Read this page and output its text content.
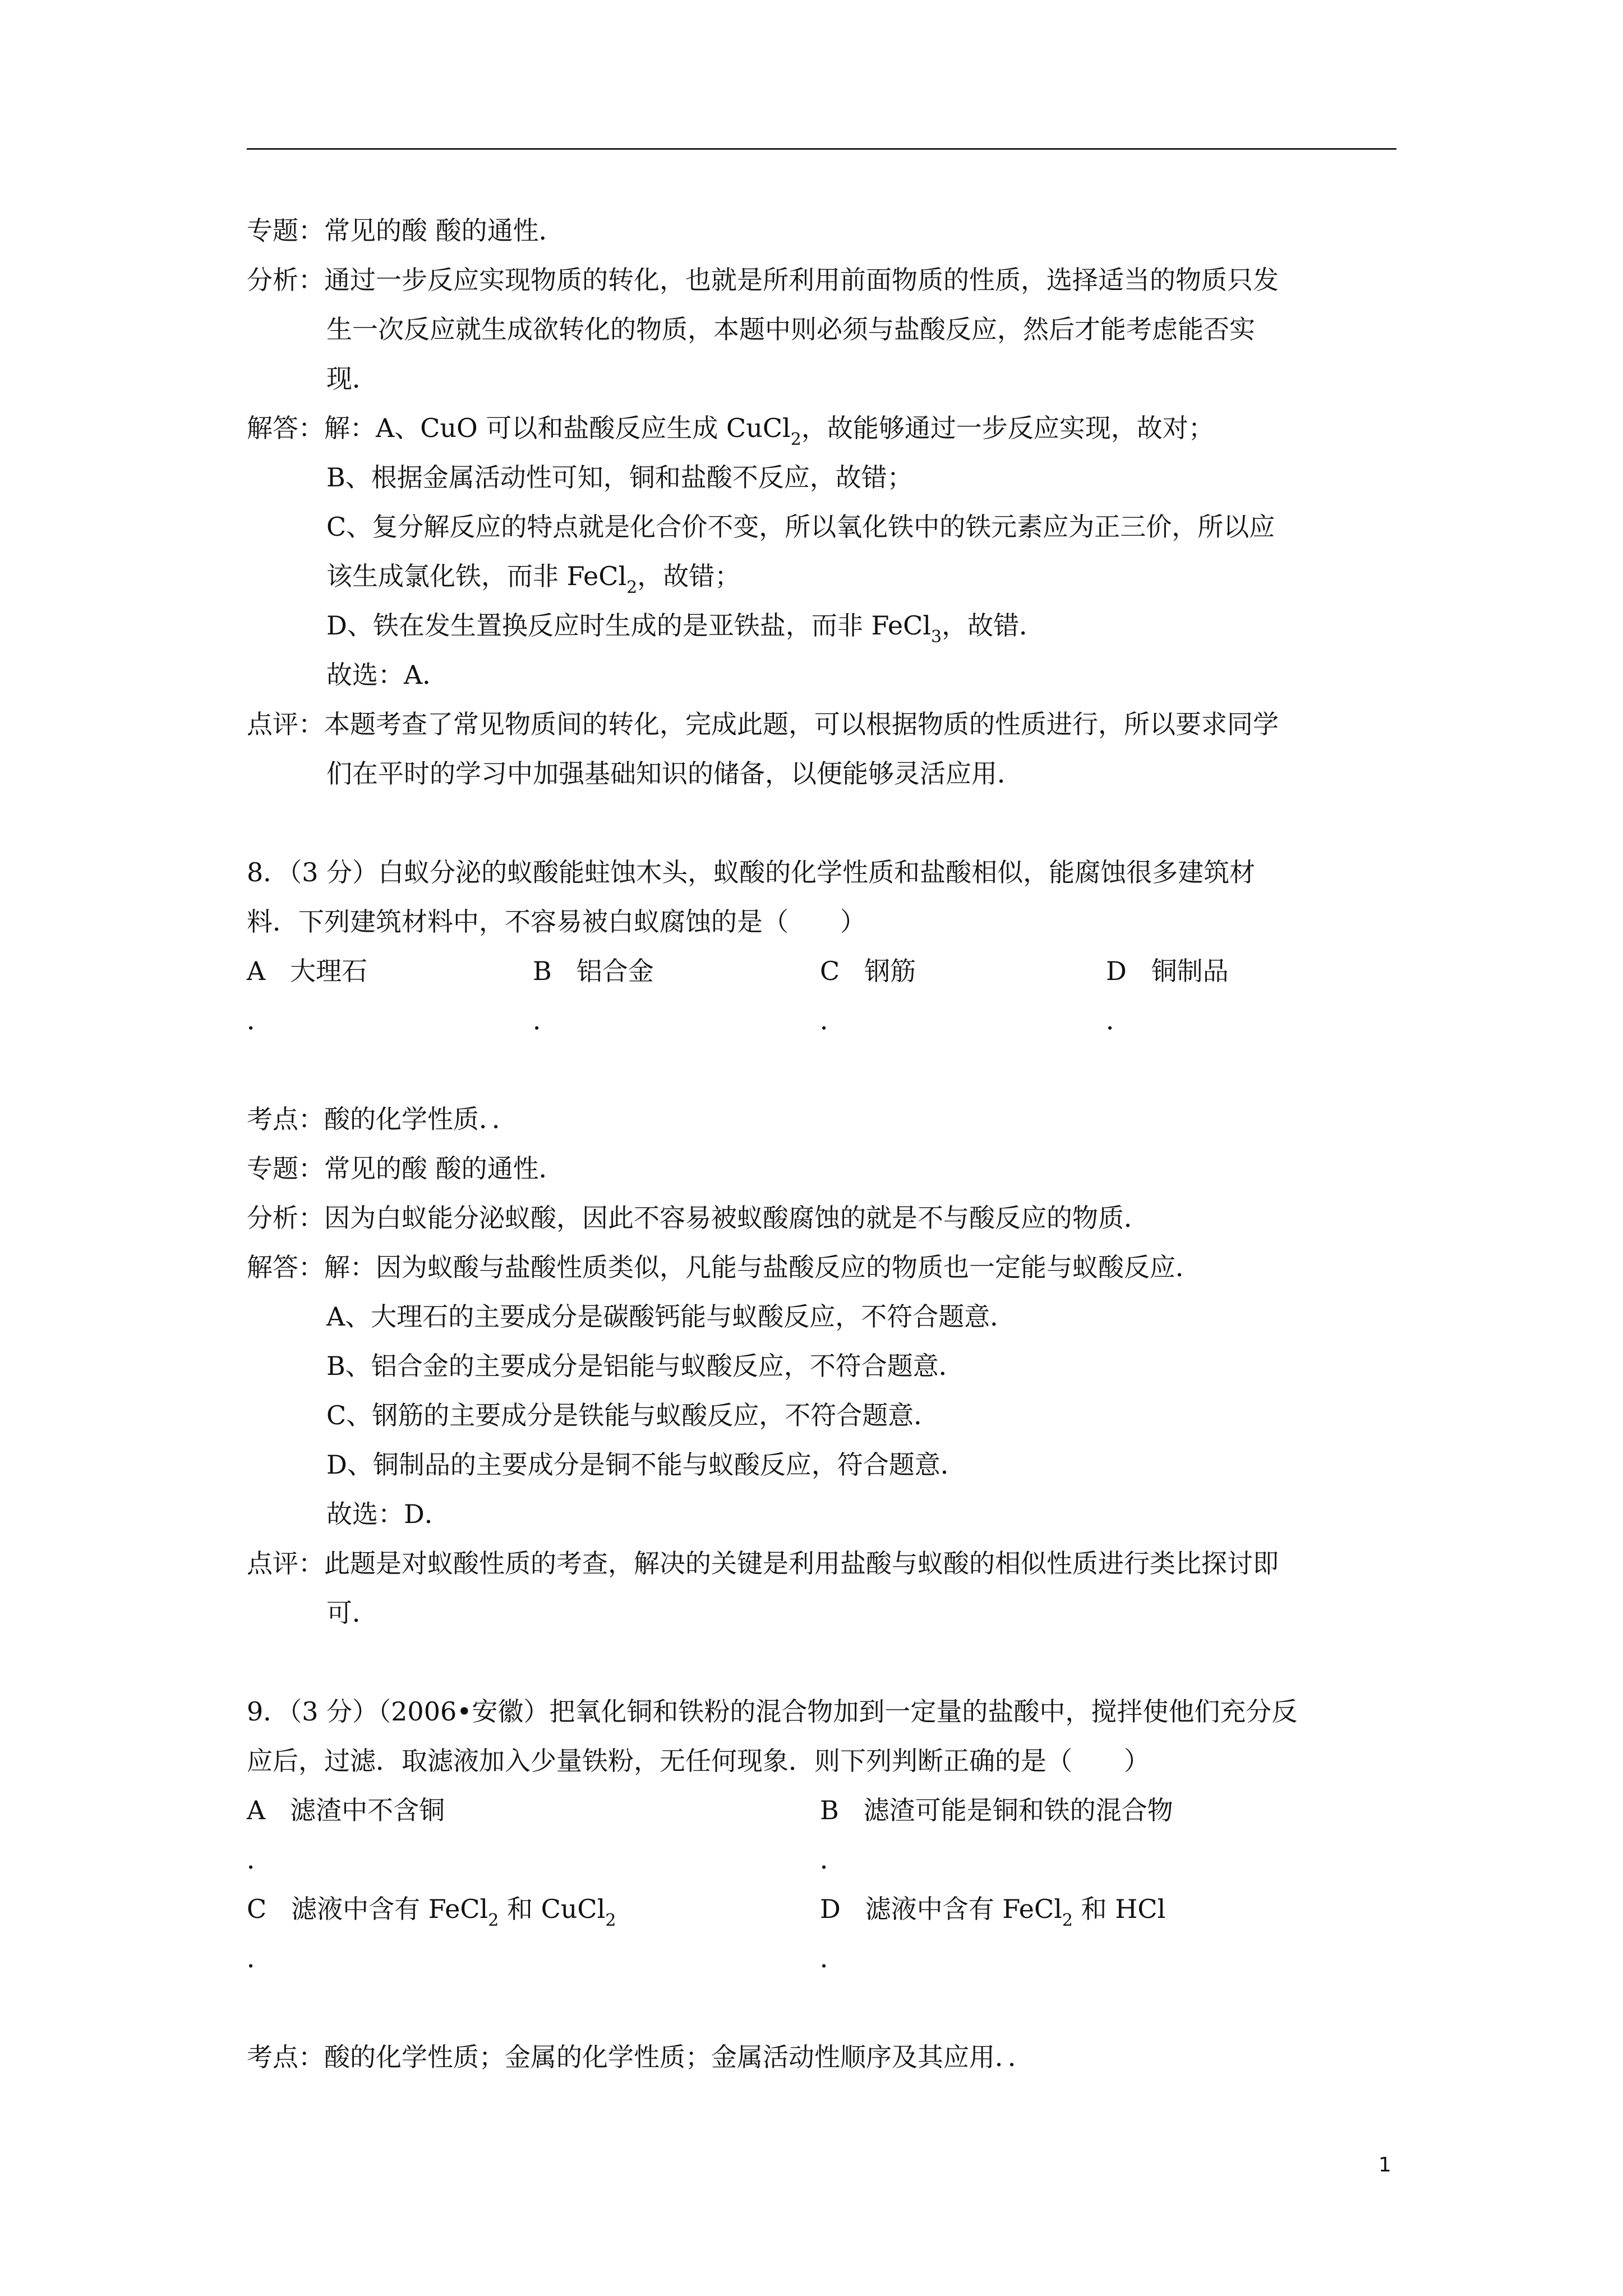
专题：常见的酸 酸的通性．
分析：通过一步反应实现物质的转化，也就是所利用前面物质的性质，选择适当的物质只发
生一次反应就生成欲转化的物质，本题中则必须与盐酸反应，然后才能考虑能否实
现．
解答：解：A、CuO 可以和盐酸反应生成 CuCl$_2$，故能够通过一步反应实现，故对；
B、根据金属活动性可知，铜和盐酸不反应，故错；
C、复分解反应的特点就是化合价不变，所以氧化铁中的铁元素应为正三价，所以应
该生成氯化铁，而非 FeCl$_2$，故错；
D、铁在发生置换反应时生成的是亚铁盐，而非 FeCl$_3$，故错．
故选：A．
点评：本题考查了常见物质间的转化，完成此题，可以根据物质的性质进行，所以要求同学
们在平时的学习中加强基础知识的储备，以便能够灵活应用．
8．（3 分）白蚁分泌的蚁酸能蛀蚀木头，蚁酸的化学性质和盐酸相似，能腐蚀很多建筑材
料．下列建筑材料中，不容易被白蚁腐蚀的是（　　）
A 大理石	B 铝合金	C 钢筋	D 铜制品
．	．	．	．
考点：酸的化学性质．．
专题：常见的酸 酸的通性．
分析：因为白蚁能分泌蚁酸，因此不容易被蚁酸腐蚀的就是不与酸反应的物质．
解答：解：因为蚁酸与盐酸性质类似，凡能与盐酸反应的物质也一定能与蚁酸反应．
A、大理石的主要成分是碳酸钙能与蚁酸反应，不符合题意．
B、铝合金的主要成分是铝能与蚁酸反应，不符合题意．
C、钢筋的主要成分是铁能与蚁酸反应，不符合题意．
D、铜制品的主要成分是铜不能与蚁酸反应，符合题意．
故选：D．
点评：此题是对蚁酸性质的考查，解决的关键是利用盐酸与蚁酸的相似性质进行类比探讨即
可．
9．（3 分）（2006•安徽）把氧化铜和铁粉的混合物加到一定量的盐酸中，搅拌使他们充分反
应后，过滤．取滤液加入少量铁粉，无任何现象．则下列判断正确的是（　　）
A 滤渣中不含铜	B 滤渣可能是铜和铁的混合物
．	．
C 滤液中含有 FeCl$_2$ 和 CuCl$_2$	D 滤液中含有 FeCl$_2$ 和 HCl
．	．
考点：酸的化学性质；金属的化学性质；金属活动性顺序及其应用．．
1
